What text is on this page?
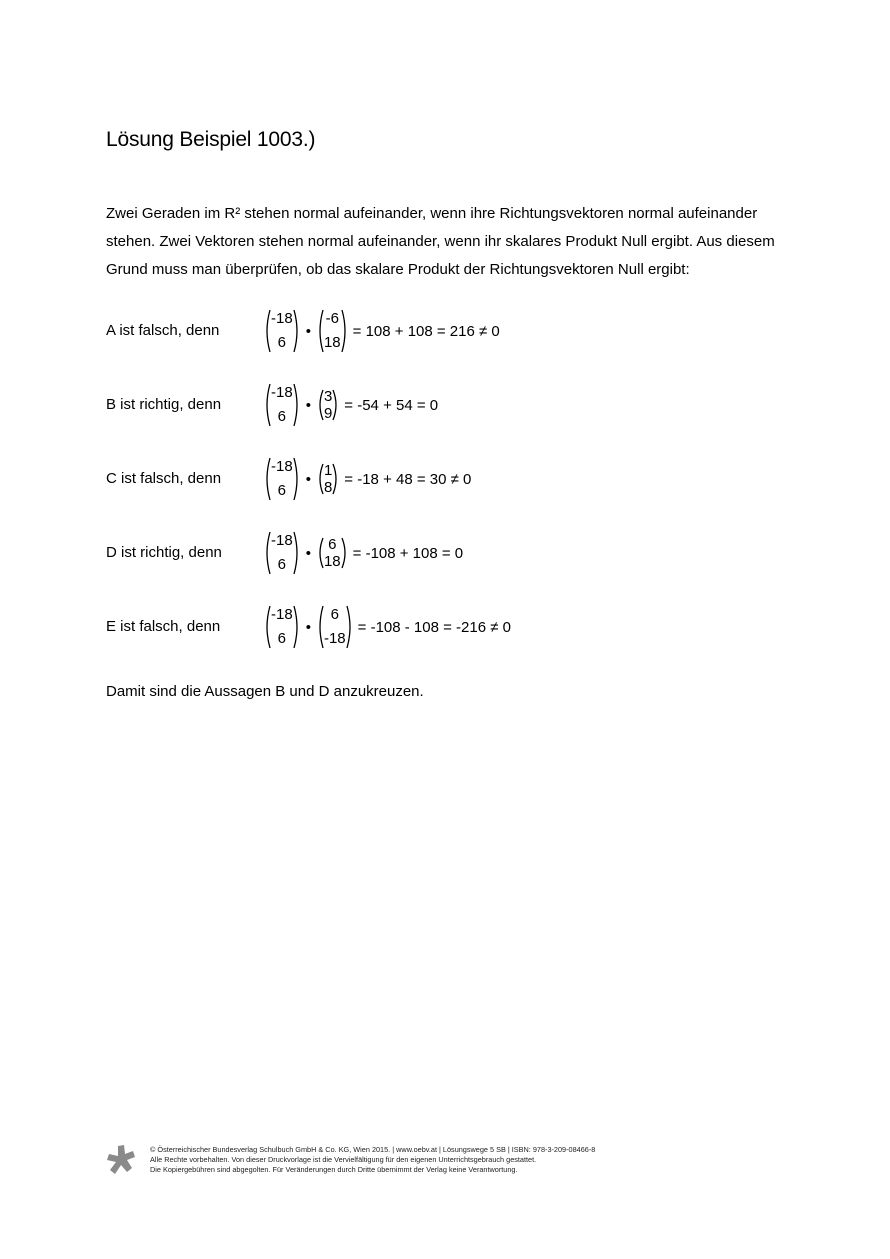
Lösung Beispiel 1003.)
Zwei Geraden im R² stehen normal aufeinander, wenn ihre Richtungsvektoren normal aufeinander
stehen. Zwei Vektoren stehen normal aufeinander, wenn ihr skalares Produkt Null ergibt. Aus diesem
Grund muss man überprüfen, ob das skalare Produkt der Richtungsvektoren Null ergibt:
A ist falsch, denn
-18
6
•
-6
18
= 108 + 108 = 216 ≠ 0
B ist richtig, denn
-18
6
• 3
9 = -54 + 54 = 0
C ist falsch, denn
-18
6
• 1
8 = -18 + 48 = 30 ≠ 0
D ist richtig, denn
-18
6
• 6
18 = -108 + 108 = 0
E ist falsch, denn
-18
6
•
6
-18
= -108 - 108 = -216 ≠ 0
Damit sind die Aussagen B und D anzukreuzen.
© Österreichischer Bundesverlag Schulbuch GmbH & Co. KG, Wien 2015. | www.oebv.at | Lösungswege 5 SB | ISBN: 978-3-209-08466-8
Alle Rechte vorbehalten. Von dieser Druckvorlage ist die Vervielfältigung für den eigenen Unterrichtsgebrauch gestattet.
Die Kopiergebühren sind abgegolten. Für Veränderungen durch Dritte übernimmt der Verlag keine Verantwortung.
